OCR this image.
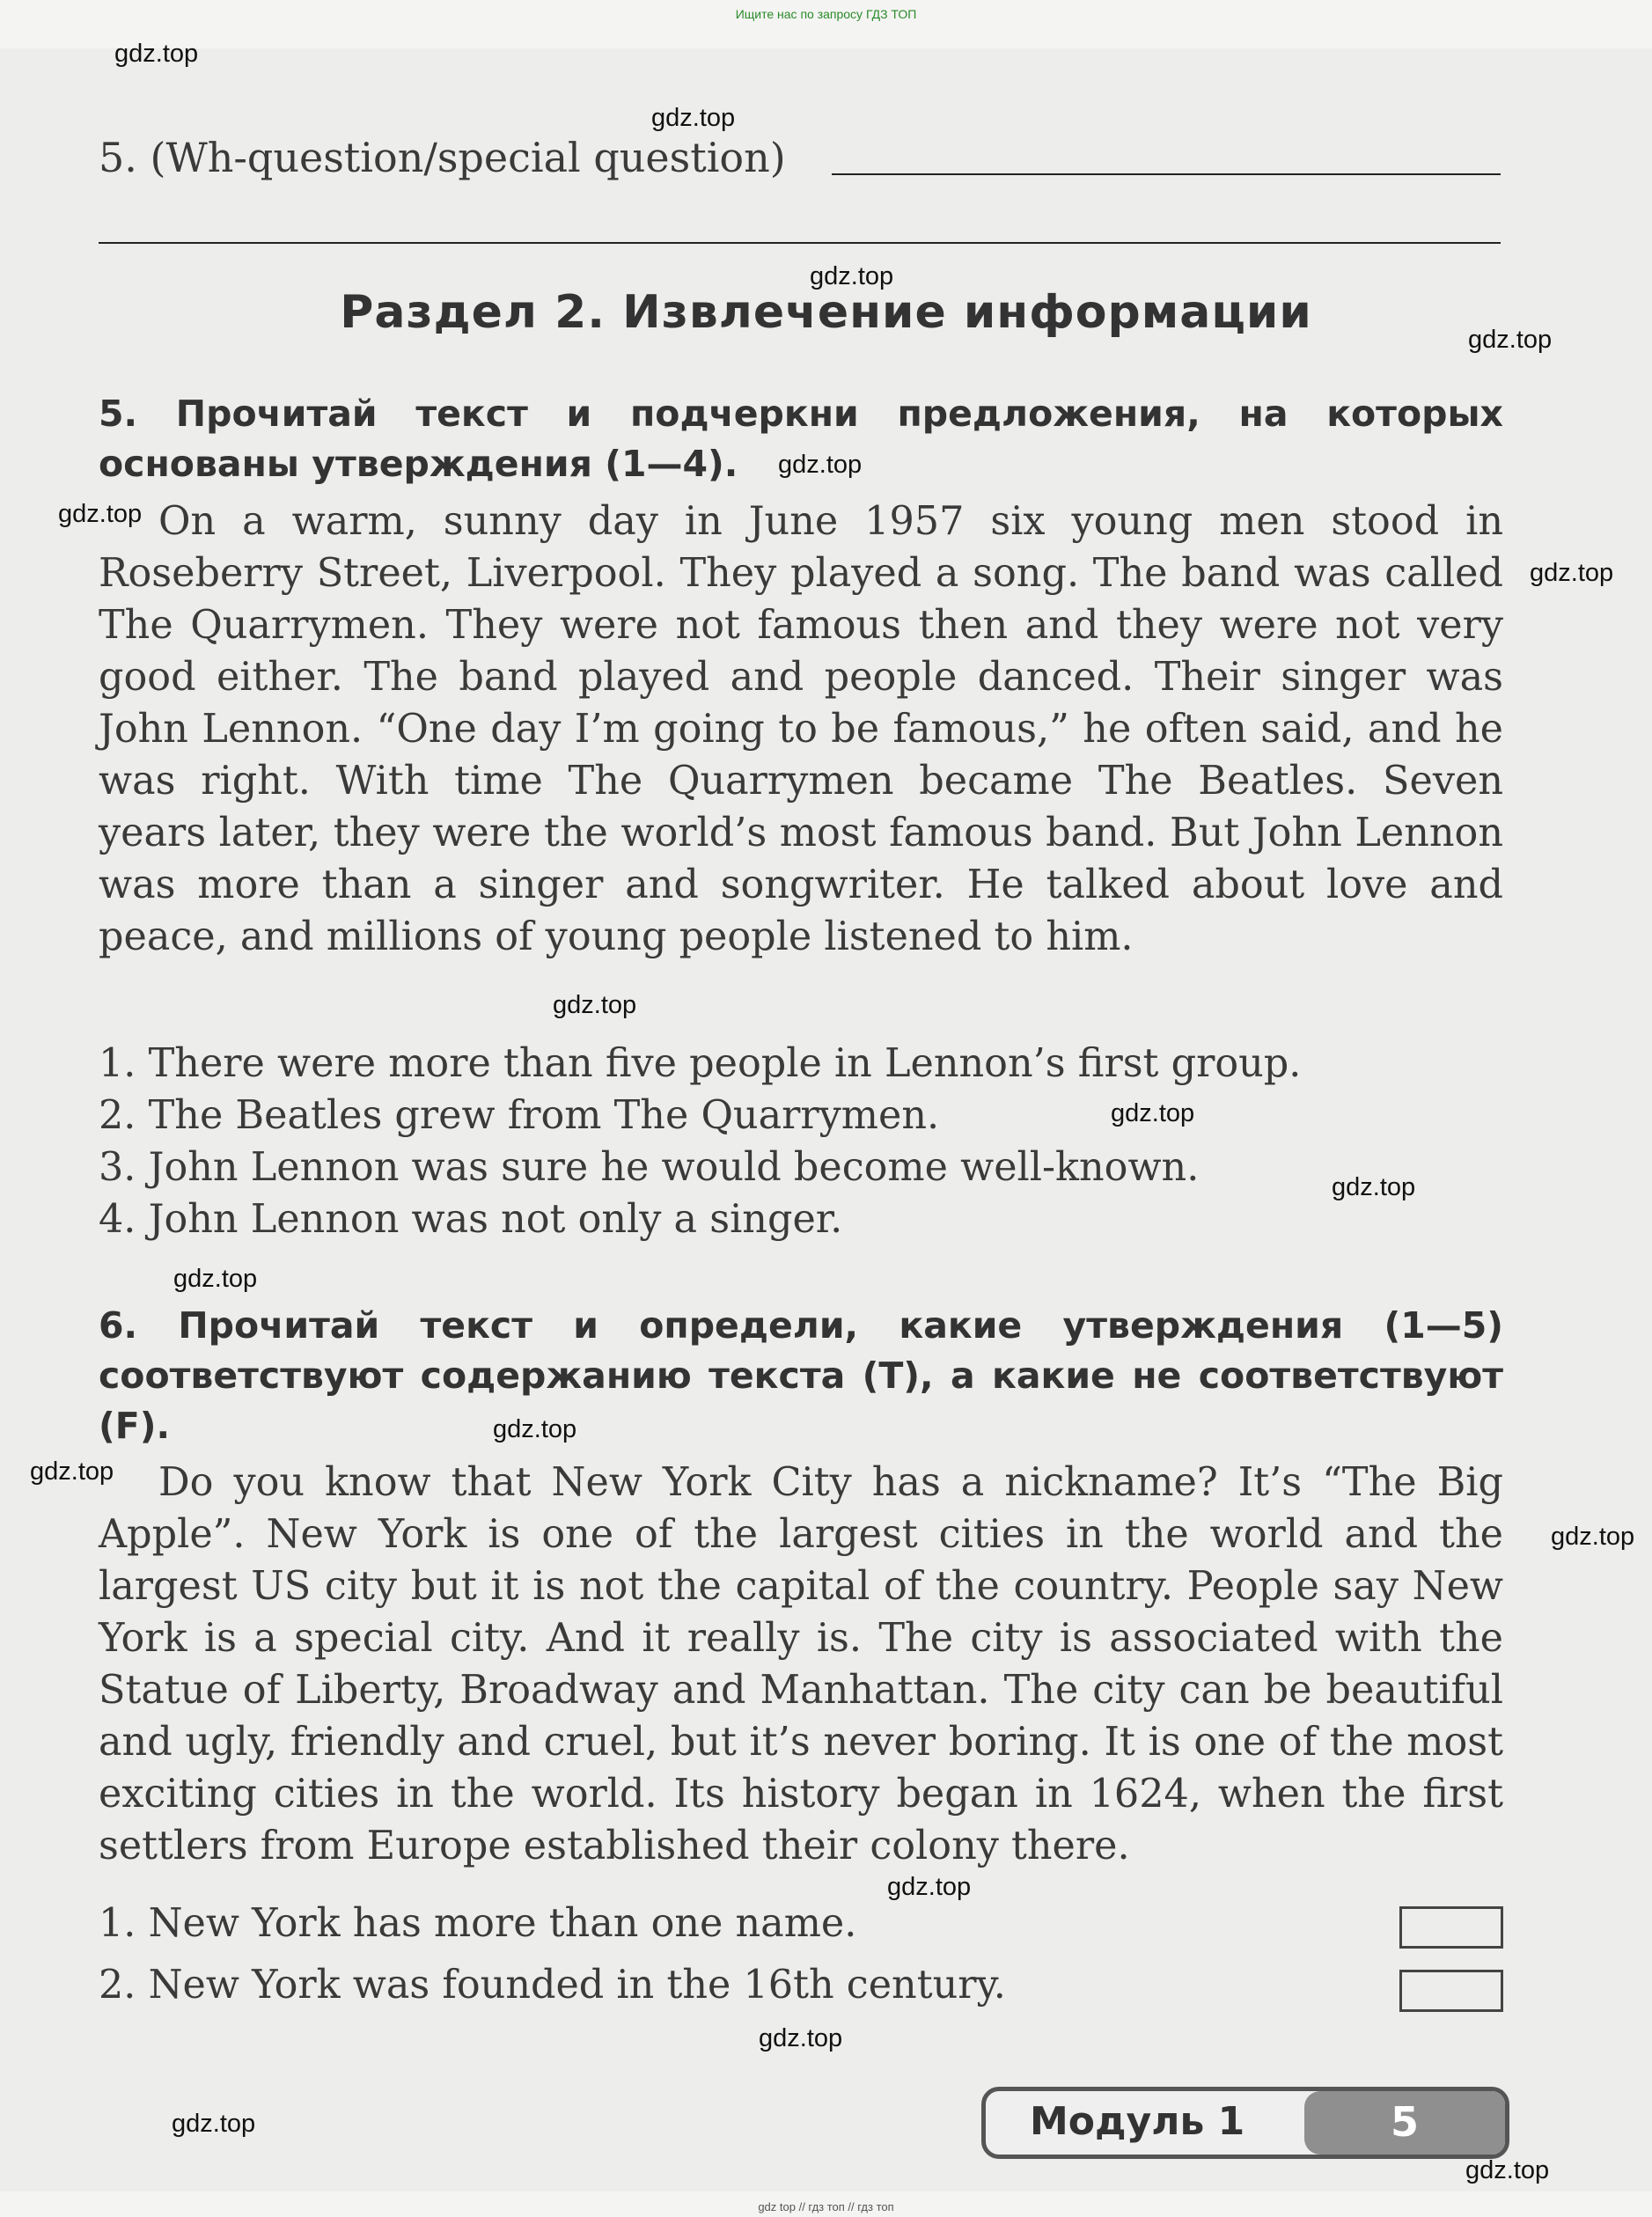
Ищите нас по запросу ГДЗ ТОП
5. (Wh-question/special question)
Раздел 2. Извлечение информации

5. Прочитай текст и подчеркни предложения, на которых основаны утверждения (1—4).

On a warm, sunny day in June 1957 six young men stood in Roseberry Street, Liverpool. They played a song. The band was called The Quarrymen. They were not famous then and they were not very good either. The band played and people danced. Their singer was John Lennon. “One day I’m going to be famous,” he often said, and he was right. With time The Quarrymen became The Beatles. Seven years later, they were the world’s most famous band. But John Lennon was more than a singer and songwriter. He talked about love and peace, and millions of young people listened to him.

1. There were more than five people in Lennon’s first group.
2. The Beatles grew from The Quarrymen.
3. John Lennon was sure he would become well-known.
4. John Lennon was not only a singer.

6. Прочитай текст и определи, какие утверждения (1—5) соответствуют содержанию текста (T), а какие не соответствуют (F).

Do you know that New York City has a nickname? It’s “The Big Apple”. New York is one of the largest cities in the world and the largest US city but it is not the capital of the country. People say New York is a special city. And it really is. The city is associated with the Statue of Liberty, Broadway and Manhattan. The city can be beautiful and ugly, friendly and cruel, but it’s never boring. It is one of the most exciting cities in the world. Its history began in 1624, when the first settlers from Europe established their colony there.

1. New York has more than one name.
2. New York was founded in the 16th century.
Модуль 1	5
gdz.top
gdz.top
gdz.top
gdz.top
gdz.top
gdz.top
gdz.top
gdz.top
gdz.top
gdz.top
gdz.top
gdz.top
gdz.top
gdz.top
gdz.top
gdz.top
gdz.top
gdz.top
gdz top // гдз топ // гдз топ
